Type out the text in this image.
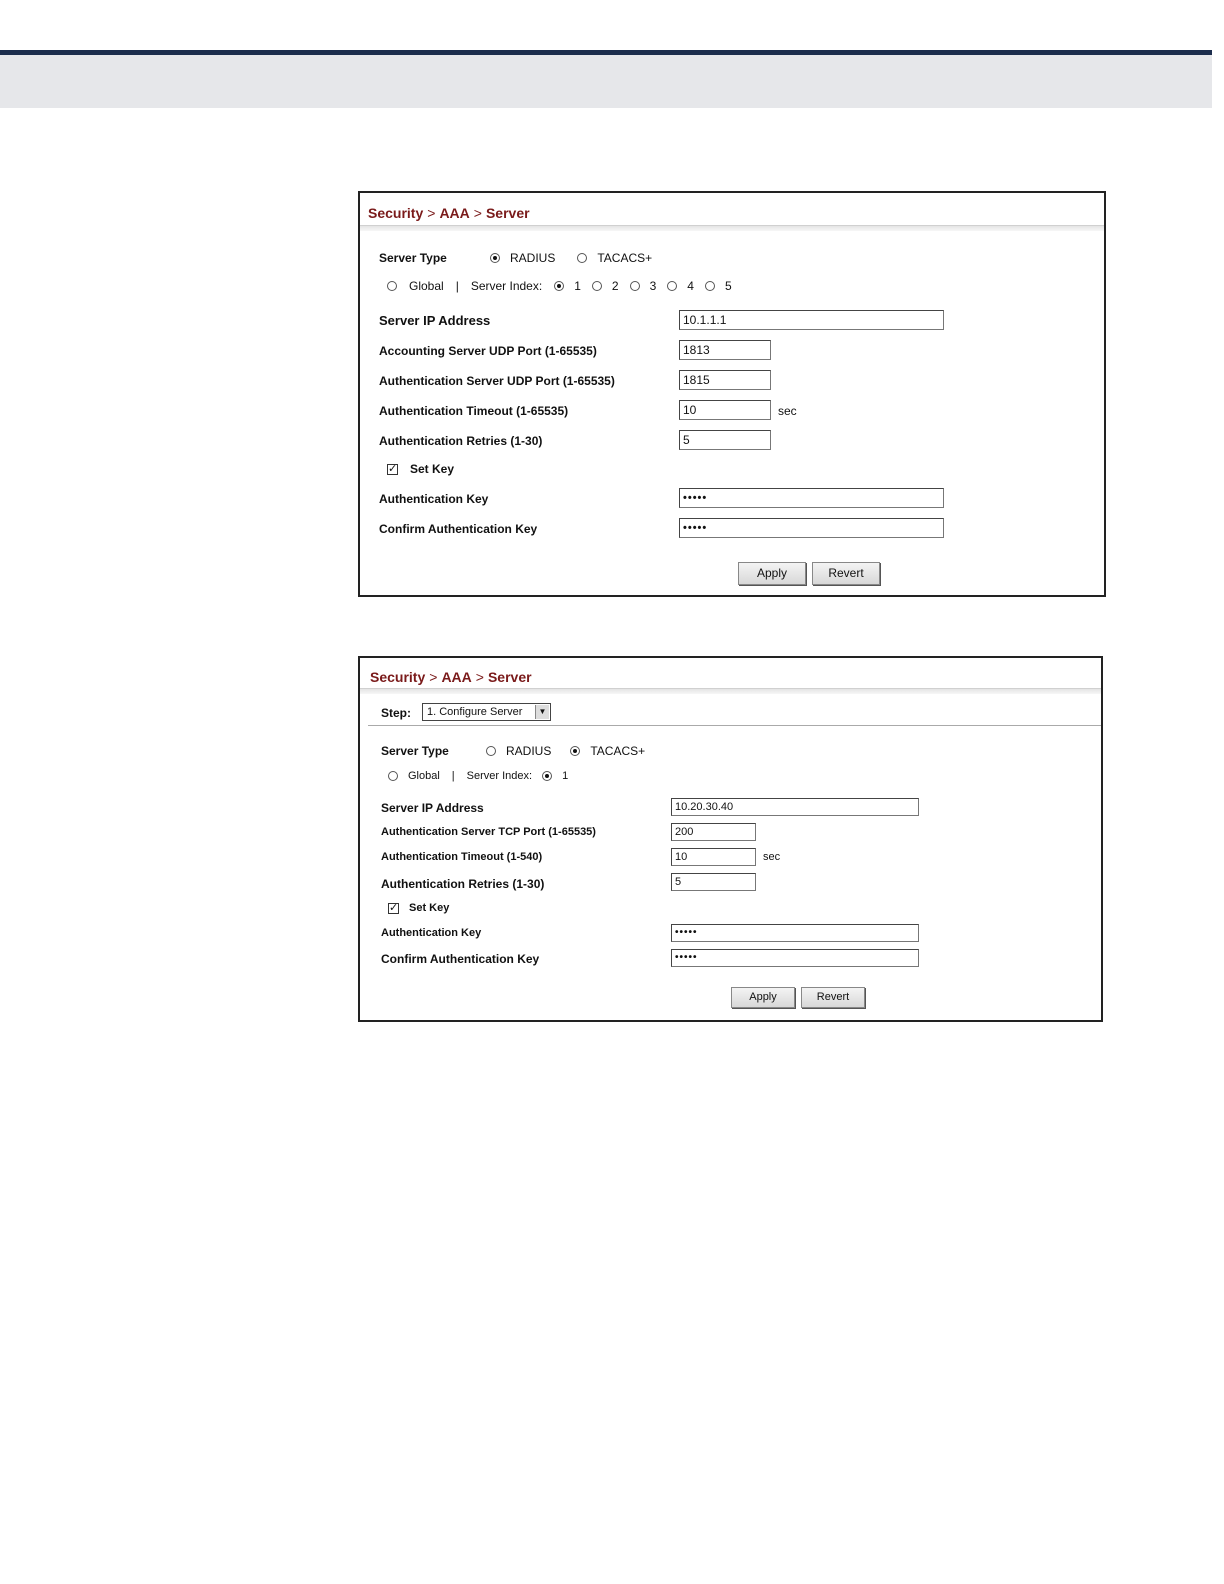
Security > AAA > Server
Server Type	RADIUS	TACACS+
Global | Server Index:	1	2	3	4	5
Server IP Address	10.1.1.1
Accounting Server UDP Port (1-65535)	1813
Authentication Server UDP Port (1-65535)	1815
Authentication Timeout (1-65535)	10	sec
Authentication Retries (1-30)	5
✓
Set Key
Authentication Key	•••••
Confirm Authentication Key	•••••
Apply	Revert
Security > AAA > Server
Step:	1. Configure Server	▼
Server Type	RADIUS	TACACS+
Global | Server Index:	1
Server IP Address	10.20.30.40
Authentication Server TCP Port (1-65535)	200
Authentication Timeout (1-540)	10	sec
Authentication Retries (1-30)	5
✓
Set Key
Authentication Key	•••••
Confirm Authentication Key	•••••
Apply	Revert
